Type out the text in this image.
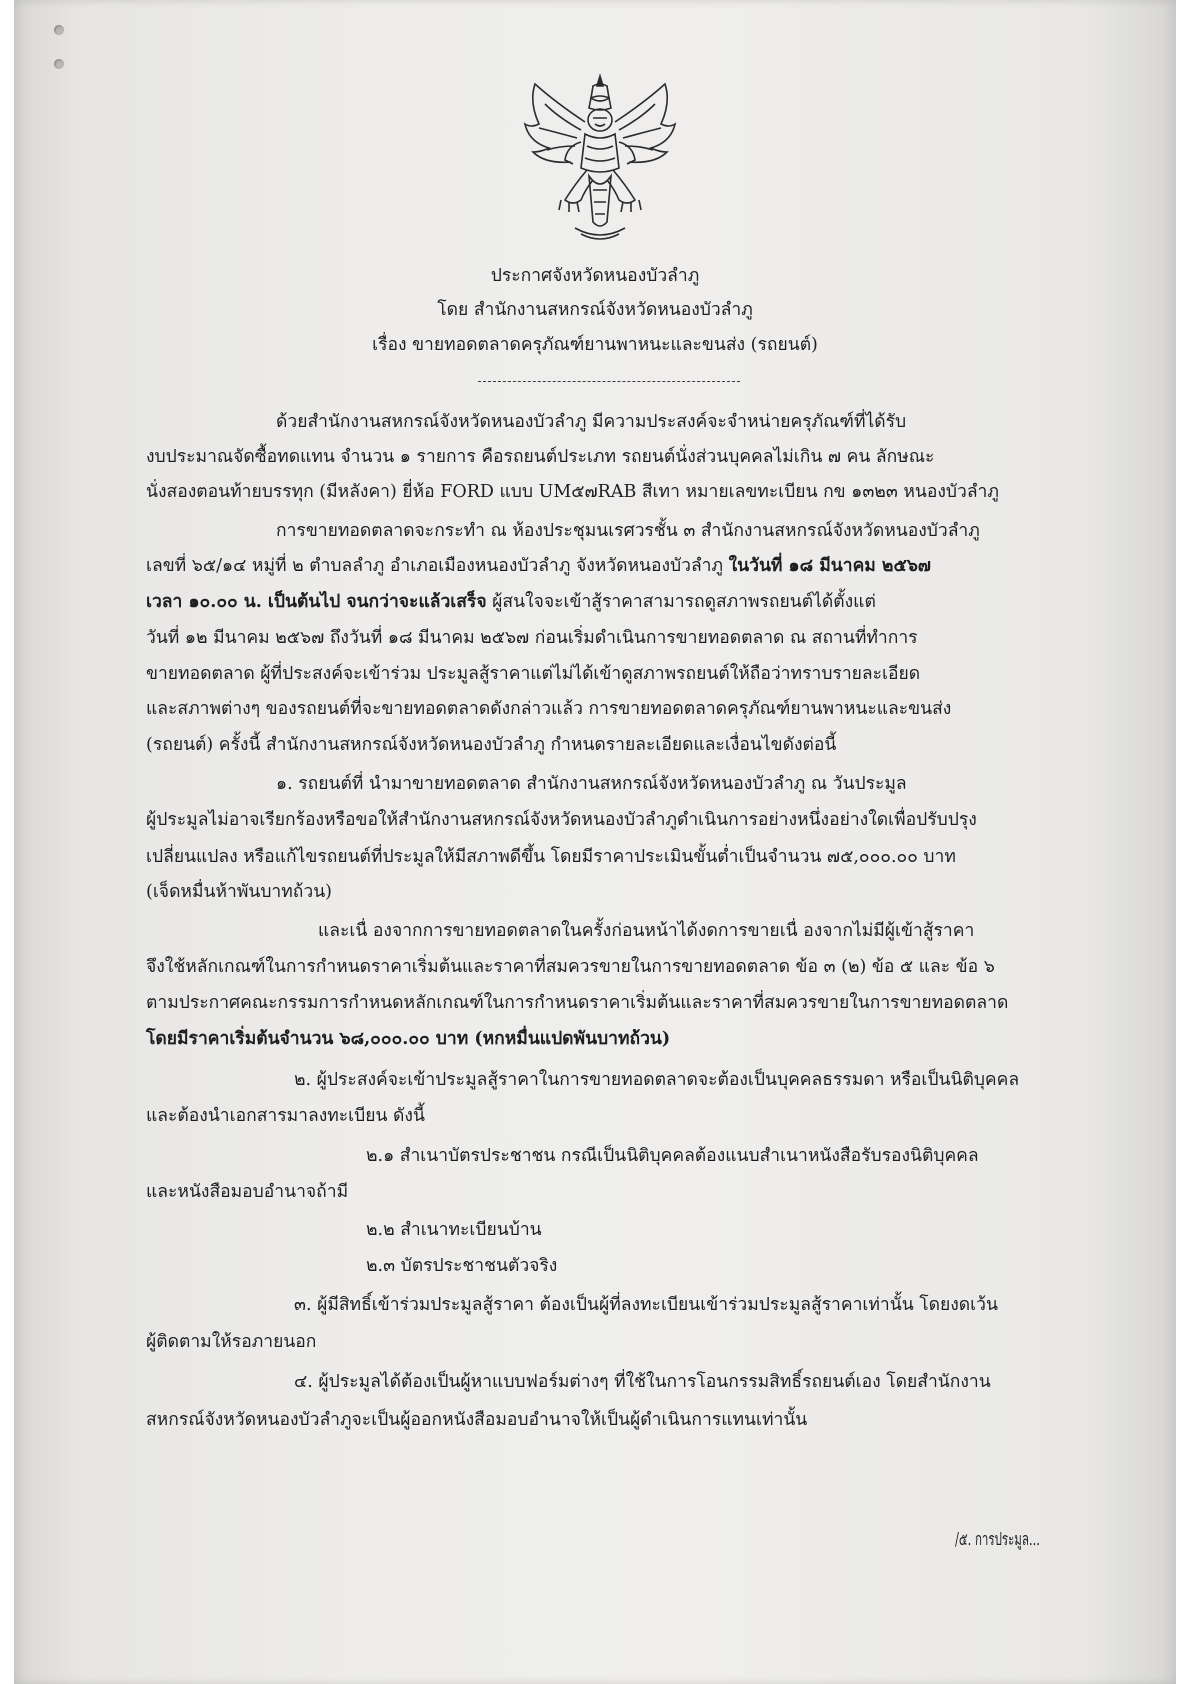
ประกาศจังหวัดหนองบัวลำภู
โดย สำนักงานสหกรณ์จังหวัดหนองบัวลำภู
เรื่อง ขายทอดตลาดครุภัณฑ์ยานพาหนะและขนส่ง (รถยนต์)
ด้วยสำนักงานสหกรณ์จังหวัดหนองบัวลำภู มีความประสงค์จะจำหน่ายครุภัณฑ์ที่ได้รับ
งบประมาณจัดซื้อทดแทน จำนวน ๑ รายการ คือรถยนต์ประเภท รถยนต์นั่งส่วนบุคคลไม่เกิน ๗ คน ลักษณะ
นั่งสองตอนท้ายบรรทุก (มีหลังคา) ยี่ห้อ FORD แบบ UM๕๗RAB สีเทา หมายเลขทะเบียน กข ๑๓๒๓ หนองบัวลำภู
การขายทอดตลาดจะกระทำ ณ ห้องประชุมนเรศวรชั้น ๓ สำนักงานสหกรณ์จังหวัดหนองบัวลำภู
เลขที่ ๖๕/๑๔ หมู่ที่ ๒ ตำบลลำภู อำเภอเมืองหนองบัวลำภู จังหวัดหนองบัวลำภู ในวันที่ ๑๘ มีนาคม ๒๕๖๗
เวลา ๑๐.๐๐ น. เป็นต้นไป จนกว่าจะแล้วเสร็จ ผู้สนใจจะเข้าสู้ราคาสามารถดูสภาพรถยนต์ได้ตั้งแต่
วันที่ ๑๒ มีนาคม ๒๕๖๗ ถึงวันที่ ๑๘ มีนาคม ๒๕๖๗ ก่อนเริ่มดำเนินการขายทอดตลาด ณ สถานที่ทำการ
ขายทอดตลาด ผู้ที่ประสงค์จะเข้าร่วม ประมูลสู้ราคาแต่ไม่ได้เข้าดูสภาพรถยนต์ให้ถือว่าทราบรายละเอียด
และสภาพต่างๆ ของรถยนต์ที่จะขายทอดตลาดดังกล่าวแล้ว การขายทอดตลาดครุภัณฑ์ยานพาหนะและขนส่ง
(รถยนต์) ครั้งนี้ สำนักงานสหกรณ์จังหวัดหนองบัวลำภู กำหนดรายละเอียดและเงื่อนไขดังต่อนี้
๑. รถยนต์ที่ นำมาขายทอดตลาด สำนักงานสหกรณ์จังหวัดหนองบัวลำภู ณ วันประมูล
ผู้ประมูลไม่อาจเรียกร้องหรือขอให้สำนักงานสหกรณ์จังหวัดหนองบัวลำภูดำเนินการอย่างหนึ่งอย่างใดเพื่อปรับปรุง
เปลี่ยนแปลง หรือแก้ไขรถยนต์ที่ประมูลให้มีสภาพดีขึ้น โดยมีราคาประเมินขั้นต่ำเป็นจำนวน ๗๕,๐๐๐.๐๐ บาท
(เจ็ดหมื่นห้าพันบาทถ้วน)
และเนื่ องจากการขายทอดตลาดในครั้งก่อนหน้าได้งดการขายเนื่ องจากไม่มีผู้เข้าสู้ราคา
จึงใช้หลักเกณฑ์ในการกำหนดราคาเริ่มต้นและราคาที่สมควรขายในการขายทอดตลาด ข้อ ๓ (๒) ข้อ ๕ และ ข้อ ๖
ตามประกาศคณะกรรมการกำหนดหลักเกณฑ์ในการกำหนดราคาเริ่มต้นและราคาที่สมควรขายในการขายทอดตลาด
โดยมีราคาเริ่มต้นจำนวน ๖๘,๐๐๐.๐๐ บาท (หกหมื่นแปดพันบาทถ้วน)
๒. ผู้ประสงค์จะเข้าประมูลสู้ราคาในการขายทอดตลาดจะต้องเป็นบุคคลธรรมดา หรือเป็นนิติบุคคล
และต้องนำเอกสารมาลงทะเบียน ดังนี้
๒.๑ สำเนาบัตรประชาชน กรณีเป็นนิติบุคคลต้องแนบสำเนาหนังสือรับรองนิติบุคคล
และหนังสือมอบอำนาจถ้ามี
๒.๒ สำเนาทะเบียนบ้าน
๒.๓ บัตรประชาชนตัวจริง
๓. ผู้มีสิทธิ์เข้าร่วมประมูลสู้ราคา ต้องเป็นผู้ที่ลงทะเบียนเข้าร่วมประมูลสู้ราคาเท่านั้น โดยงดเว้น
ผู้ติดตามให้รอภายนอก
๔. ผู้ประมูลได้ต้องเป็นผู้หาแบบฟอร์มต่างๆ ที่ใช้ในการโอนกรรมสิทธิ์รถยนต์เอง โดยสำนักงาน
สหกรณ์จังหวัดหนองบัวลำภูจะเป็นผู้ออกหนังสือมอบอำนาจให้เป็นผู้ดำเนินการแทนเท่านั้น
/๕. การประมูล...
